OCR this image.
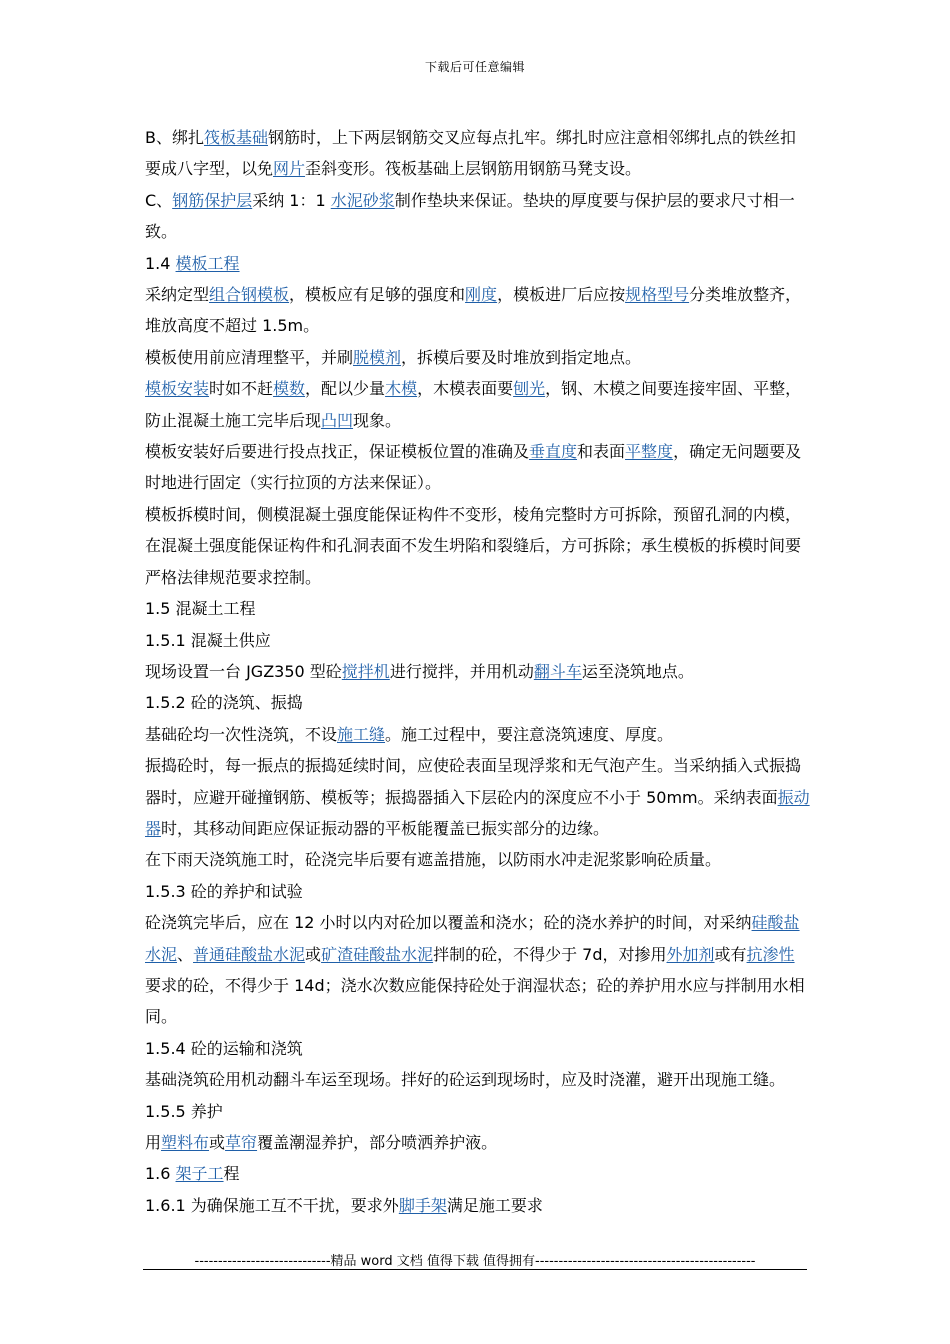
下载后可任意编辑

B、绑扎筏板基础钢筋时，上下两层钢筋交叉应每点扎牢。绑扎时应注意相邻绑扎点的铁丝扣要成八字型，以免网片歪斜变形。筏板基础上层钢筋用钢筋马凳支设。

C、钢筋保护层采纳 1：1 水泥砂浆制作垫块来保证。垫块的厚度要与保护层的要求尺寸相一致。

1.4 模板工程

采纳定型组合钢模板，模板应有足够的强度和刚度，模板进厂后应按规格型号分类堆放整齐，堆放高度不超过 1.5m。

模板使用前应清理整平，并刷脱模剂，拆模后要及时堆放到指定地点。

模板安装时如不赶模数，配以少量木模，木模表面要刨光，钢、木模之间要连接牢固、平整，防止混凝土施工完毕后现凸凹现象。

模板安装好后要进行投点找正，保证模板位置的准确及垂直度和表面平整度，确定无问题要及时地进行固定（实行拉顶的方法来保证）。

模板拆模时间，侧模混凝土强度能保证构件不变形，棱角完整时方可拆除，预留孔洞的内模，在混凝土强度能保证构件和孔洞表面不发生坍陷和裂缝后，方可拆除；承生模板的拆模时间要严格法律规范要求控制。

1.5 混凝土工程

1.5.1 混凝土供应

现场设置一台 JGZ350 型砼搅拌机进行搅拌，并用机动翻斗车运至浇筑地点。

1.5.2 砼的浇筑、振捣

基础砼均一次性浇筑，不设施工缝。施工过程中，要注意浇筑速度、厚度。

振捣砼时，每一振点的振捣延续时间，应使砼表面呈现浮浆和无气泡产生。当采纳插入式振捣器时，应避开碰撞钢筋、模板等；振捣器插入下层砼内的深度应不小于 50mm。采纳表面振动器时，其移动间距应保证振动器的平板能覆盖已振实部分的边缘。

在下雨天浇筑施工时，砼浇完毕后要有遮盖措施，以防雨水冲走泥浆影响砼质量。

1.5.3 砼的养护和试验

砼浇筑完毕后，应在 12 小时以内对砼加以覆盖和浇水；砼的浇水养护的时间，对采纳硅酸盐水泥、普通硅酸盐水泥或矿渣硅酸盐水泥拌制的砼，不得少于 7d，对掺用外加剂或有抗渗性要求的砼，不得少于 14d；浇水次数应能保持砼处于润湿状态；砼的养护用水应与拌制用水相同。

1.5.4 砼的运输和浇筑

基础浇筑砼用机动翻斗车运至现场。拌好的砼运到现场时，应及时浇灌，避开出现施工缝。

1.5.5 养护

用塑料布或草帘覆盖潮湿养护，部分喷洒养护液。

1.6 架子工程

1.6.1 为确保施工互不干扰，要求外脚手架满足施工要求

-----------------------------精品 word 文档 值得下载 值得拥有-----------------------------------------------
